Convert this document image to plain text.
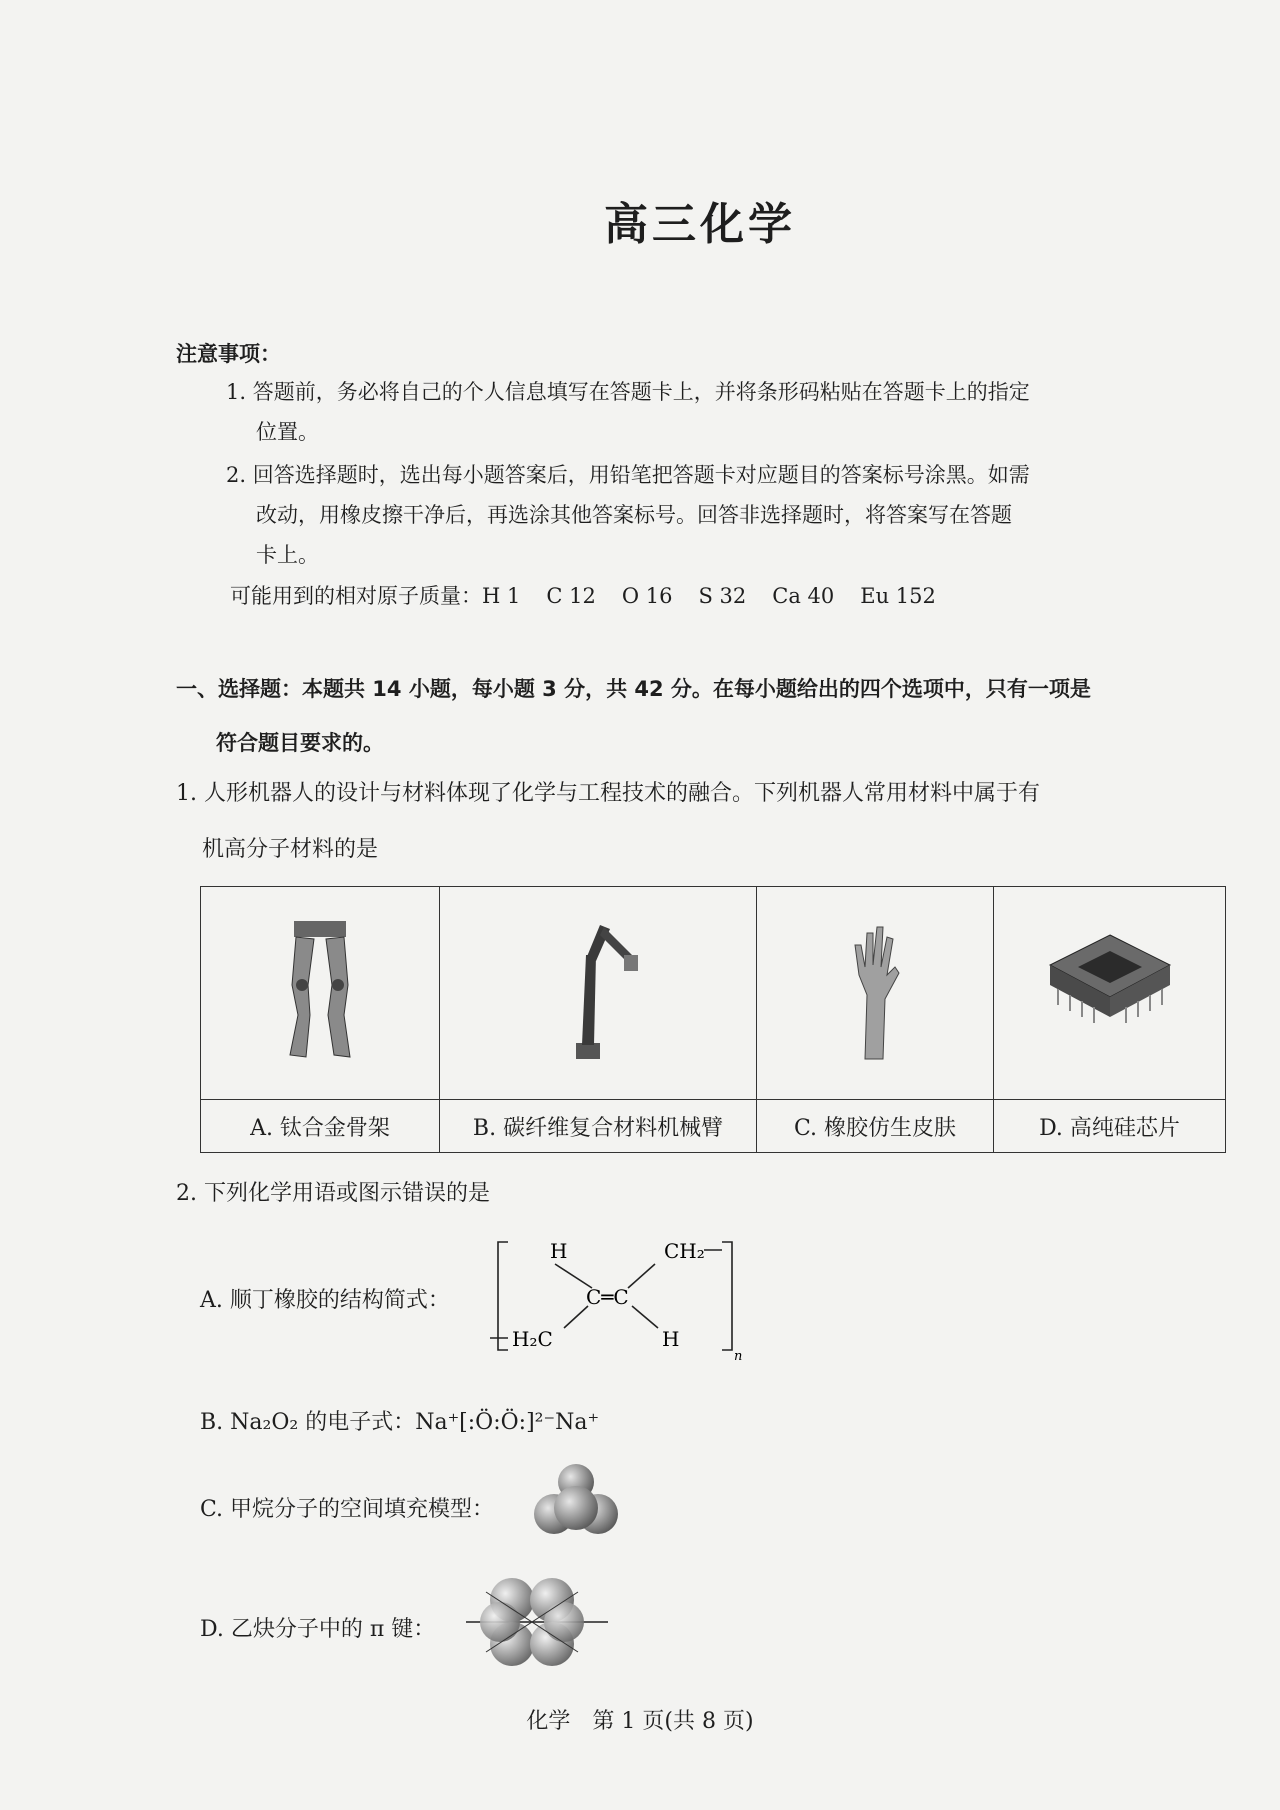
高三化学
注意事项：
1. 答题前，务必将自己的个人信息填写在答题卡上，并将条形码粘贴在答题卡上的指定
位置。
2. 回答选择题时，选出每小题答案后，用铅笔把答题卡对应题目的答案标号涂黑。如需
改动，用橡皮擦干净后，再选涂其他答案标号。回答非选择题时，将答案写在答题
卡上。
可能用到的相对原子质量：H 1 C 12 O 16 S 32 Ca 40 Eu 152
一、选择题：本题共 14 小题，每小题 3 分，共 42 分。在每小题给出的四个选项中，只有一项是
符合题目要求的。
1. 人形机器人的设计与材料体现了化学与工程技术的融合。下列机器人常用材料中属于有
机高分子材料的是

A. 钛合金骨架	B. 碳纤维复合材料机械臂	C. 橡胶仿生皮肤	D. 高纯硅芯片
2. 下列化学用语或图示错误的是
A. 顺丁橡胶的结构简式：
H	CH₂
C═C
H₂C	H
n
B. Na₂O₂ 的电子式：Na⁺[:Ö:Ö:]²⁻Na⁺
C. 甲烷分子的空间填充模型：
D. 乙炔分子中的 π 键：
化学　第 1 页(共 8 页)
